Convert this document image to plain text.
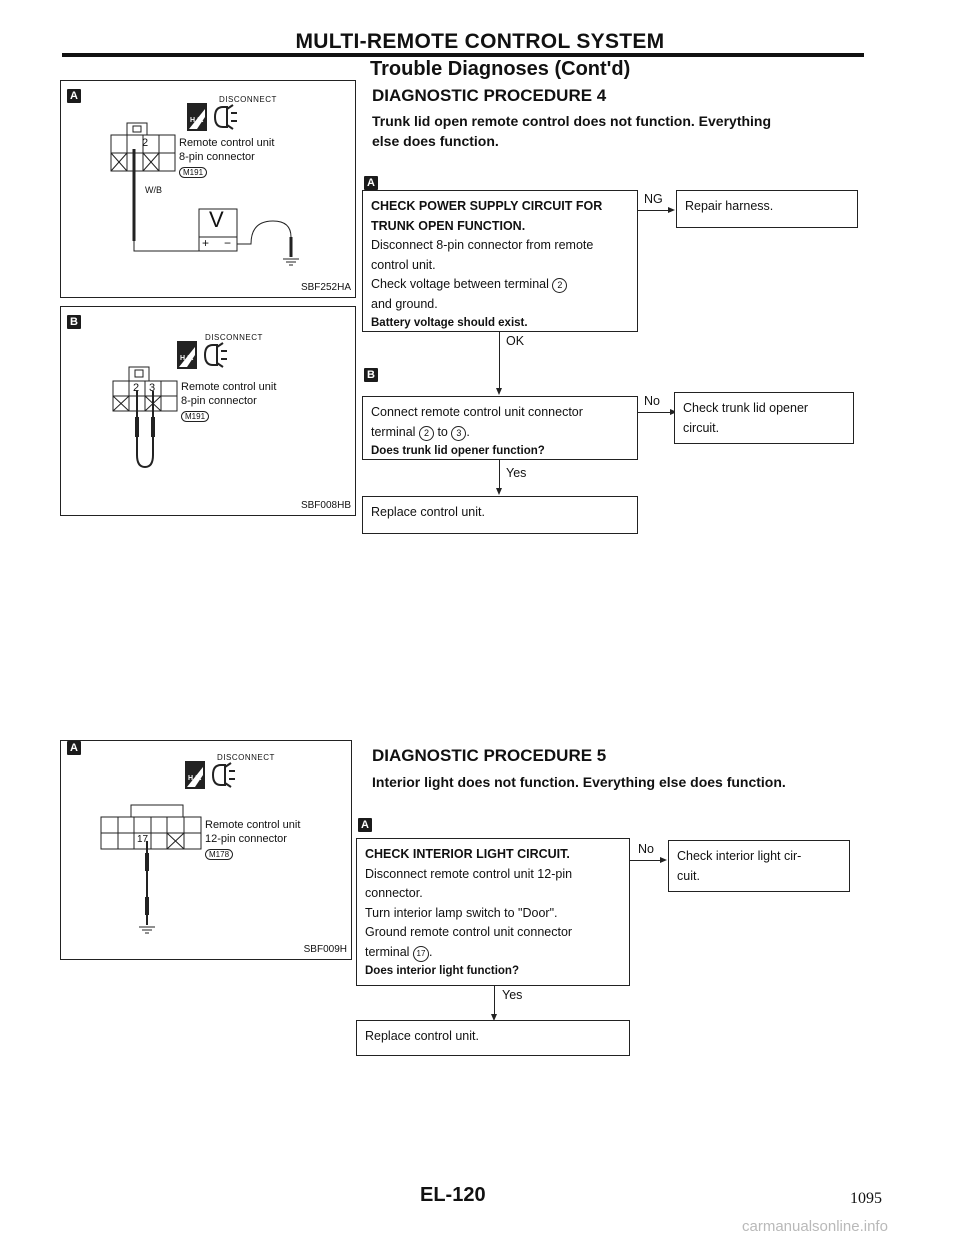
MULTI-REMOTE CONTROL SYSTEM
Trouble Diagnoses (Cont'd)
A	DISCONNECT
H.S.
2	Remote control unit
8-pin connector
M191
W/B
V
+ −
SBF252HA
B
DISCONNECT
H.S.
2 3 Remote control unit
8-pin connector
M191
SBF008HB
DIAGNOSTIC PROCEDURE 4
Trunk lid open remote control does not function. Everything
else does function.
A
CHECK POWER SUPPLY CIRCUIT FOR
TRUNK OPEN FUNCTION.
Disconnect 8-pin connector from remote
control unit.
Check voltage between terminal 2
and ground.
Battery voltage should exist.
NG Repair harness.
OK
B
Connect remote control unit connector
terminal 2 to 3 .
Does trunk lid opener function?
No Check trunk lid opener
circuit.
Yes
Replace control unit.
A
DISCONNECT
H.S.
17
Remote control unit
12-pin connector
M178
SBF009H
DIAGNOSTIC PROCEDURE 5
Interior light does not function. Everything else does function.
A
CHECK INTERIOR LIGHT CIRCUIT.
Disconnect remote control unit 12-pin
connector.
Turn interior lamp switch to "Door".
Ground remote control unit connector
terminal 17 .
Does interior light function?
No Check interior light cir-
cuit.
Yes
Replace control unit.
EL-120	1095
carmanualsonline.info
